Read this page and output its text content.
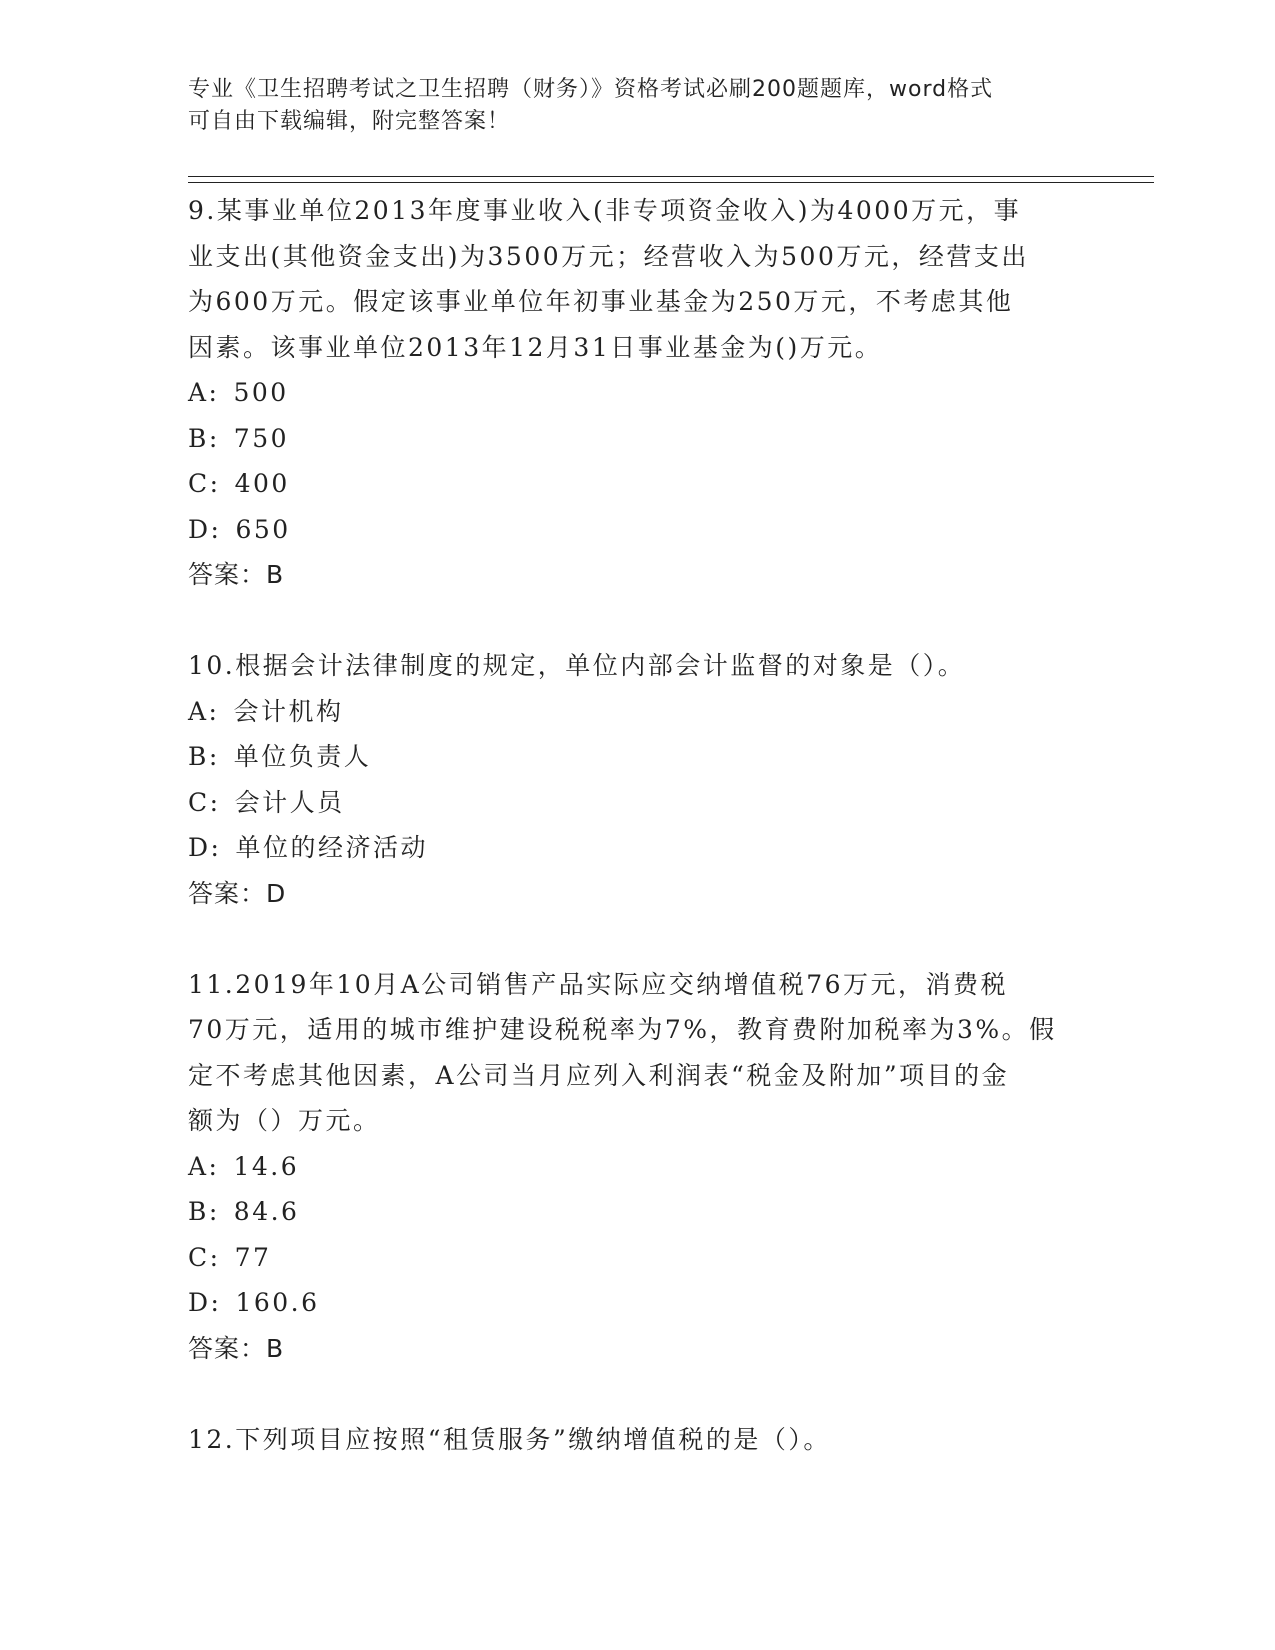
专业《卫生招聘考试之卫生招聘（财务）》资格考试必刷200题题库，word格式
可自由下载编辑，附完整答案！
9.某事业单位2013年度事业收入(非专项资金收入)为4000万元，事
业支出(其他资金支出)为3500万元；经营收入为500万元，经营支出
为600万元。假定该事业单位年初事业基金为250万元，不考虑其他
因素。该事业单位2013年12月31日事业基金为()万元。
A: 500
B: 750
C: 400
D: 650
答案：B
10.根据会计法律制度的规定，单位内部会计监督的对象是（）。
A: 会计机构
B: 单位负责人
C: 会计人员
D: 单位的经济活动
答案：D
11.2019年10月A公司销售产品实际应交纳增值税76万元，消费税
70万元，适用的城市维护建设税税率为7%，教育费附加税率为3%。假
定不考虑其他因素，A公司当月应列入利润表“税金及附加”项目的金
额为（）万元。
A: 14.6
B: 84.6
C: 77
D: 160.6
答案：B
12.下列项目应按照“租赁服务”缴纳增值税的是（）。
